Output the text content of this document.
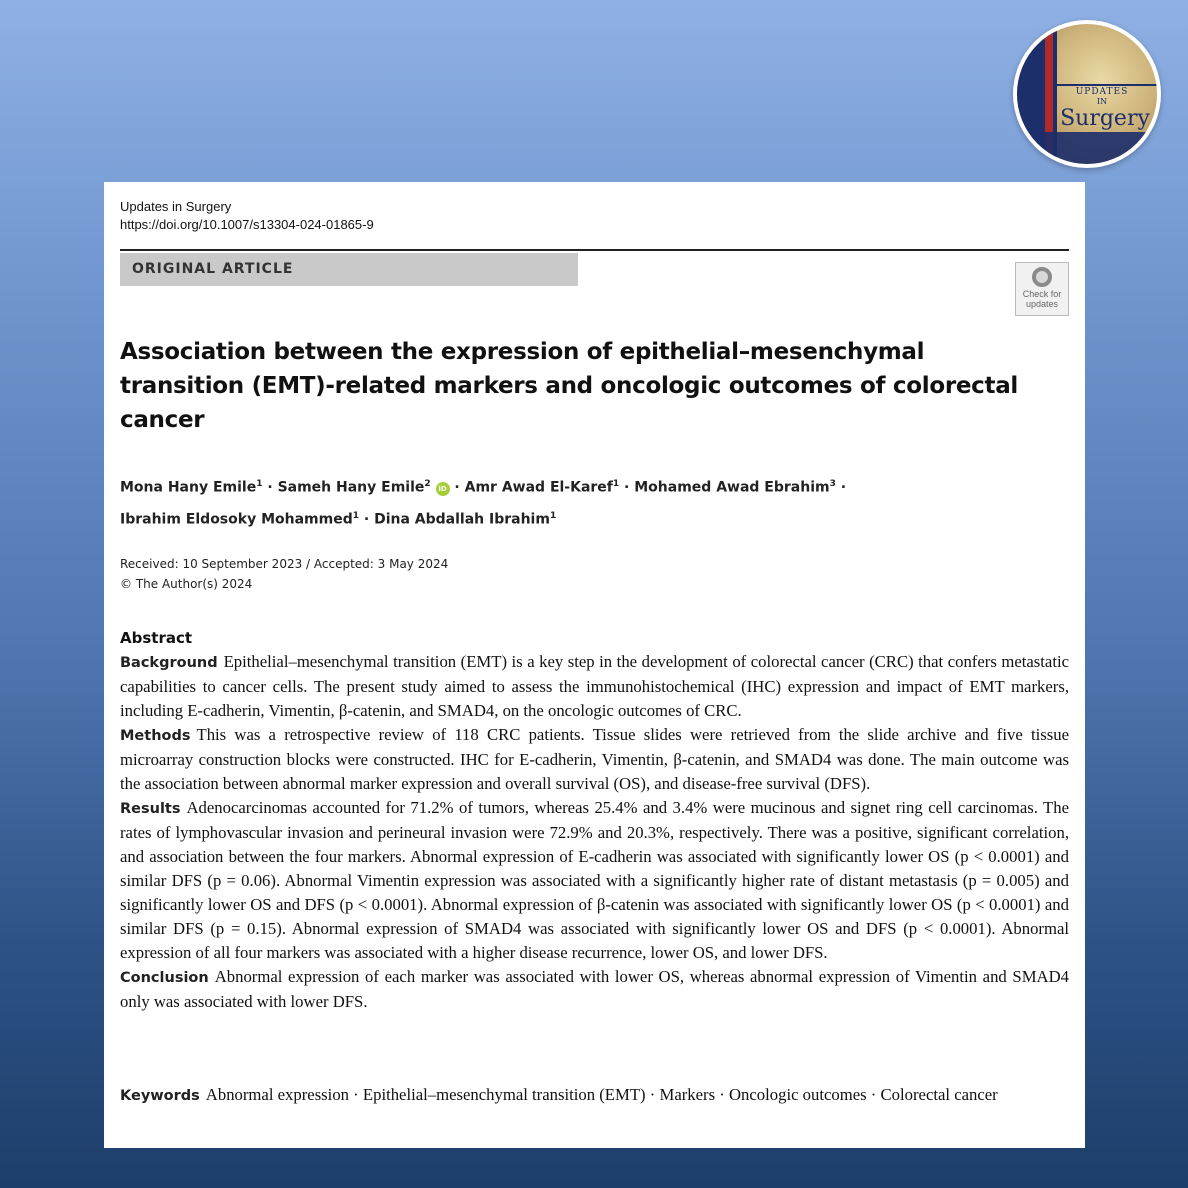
UPDATES
IN
Surgery
Updates in Surgery
https://doi.org/10.1007/s13304-024-01865-9
ORIGINAL ARTICLE
Check for
updates
Association between the expression of epithelial–mesenchymal transition (EMT)-related markers and oncologic outcomes of colorectal cancer
Mona Hany Emile$^1$ · Sameh Hany Emile$^2$ iD · Amr Awad El-Karef$^1$ · Mohamed Awad Ebrahim$^3$ ·
Ibrahim Eldosoky Mohammed$^1$ · Dina Abdallah Ibrahim$^1$
Received: 10 September 2023 / Accepted: 3 May 2024
© The Author(s) 2024
Abstract

Background Epithelial–mesenchymal transition (EMT) is a key step in the development of colorectal cancer (CRC) that confers metastatic capabilities to cancer cells. The present study aimed to assess the immunohistochemical (IHC) expression and impact of EMT markers, including E-cadherin, Vimentin, β-catenin, and SMAD4, on the oncologic outcomes of CRC.

Methods This was a retrospective review of 118 CRC patients. Tissue slides were retrieved from the slide archive and five tissue microarray construction blocks were constructed. IHC for E-cadherin, Vimentin, β-catenin, and SMAD4 was done. The main outcome was the association between abnormal marker expression and overall survival (OS), and disease-free survival (DFS).

Results Adenocarcinomas accounted for 71.2% of tumors, whereas 25.4% and 3.4% were mucinous and signet ring cell carcinomas. The rates of lymphovascular invasion and perineural invasion were 72.9% and 20.3%, respectively. There was a positive, significant correlation, and association between the four markers. Abnormal expression of E-cadherin was associated with significantly lower OS (p < 0.0001) and similar DFS (p = 0.06). Abnormal Vimentin expression was associated with a significantly higher rate of distant metastasis (p = 0.005) and significantly lower OS and DFS (p < 0.0001). Abnormal expression of β-catenin was associated with significantly lower OS (p < 0.0001) and similar DFS (p = 0.15). Abnormal expression of SMAD4 was associated with significantly lower OS and DFS (p < 0.0001). Abnormal expression of all four markers was associated with a higher disease recurrence, lower OS, and lower DFS.

Conclusion Abnormal expression of each marker was associated with lower OS, whereas abnormal expression of Vimentin and SMAD4 only was associated with lower DFS.

Keywords Abnormal expression · Epithelial–mesenchymal transition (EMT) · Markers · Oncologic outcomes · Colorectal cancer
